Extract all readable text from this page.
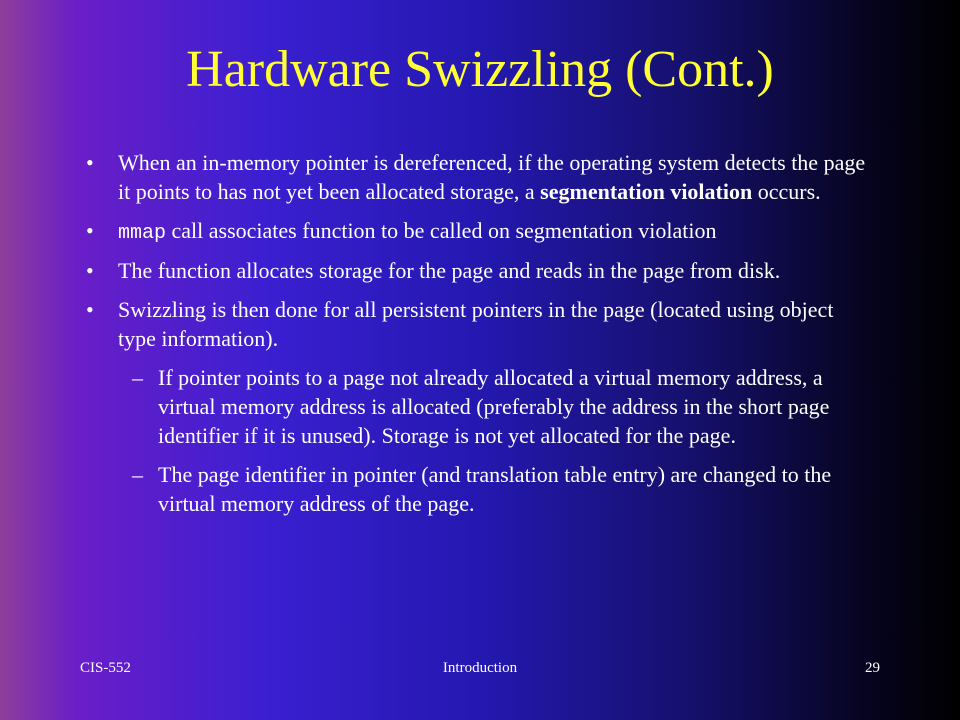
Hardware Swizzling (Cont.)
• When an in-memory pointer is dereferenced, if the operating system detects the page it points to has not yet been allocated storage, a segmentation violation occurs.
• mmap call associates function to be called on segmentation violation
• The function allocates storage for the page and reads in the page from disk.
• Swizzling is then done for all persistent pointers in the page (located using object type information).
– If pointer points to a page not already allocated a virtual memory address, a virtual memory address is allocated (preferably the address in the short page identifier if it is unused). Storage is not yet allocated for the page.
– The page identifier in pointer (and translation table entry) are changed to the virtual memory address of the page.
CIS-552	Introduction	29
